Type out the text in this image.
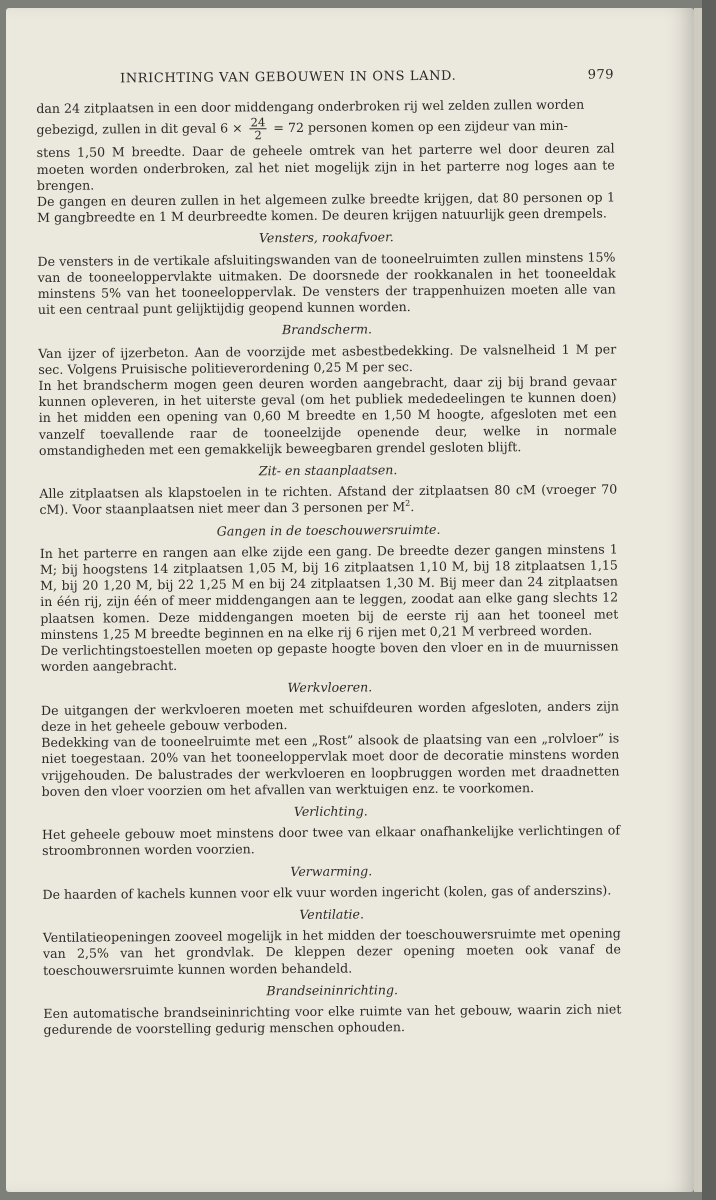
INRICHTING VAN GEBOUWEN IN ONS LAND.	979

dan 24 zitplaatsen in een door middengang onderbroken rij wel zelden zullen worden

gebezigd, zullen in dit geval $6 \times \frac{24}{2} = 72$ personen komen op een zijdeur van min-

stens 1,50 M breedte. Daar de geheele omtrek van het parterre wel door deuren zal moeten worden onderbroken, zal het niet mogelijk zijn in het parterre nog loges aan te brengen.

De gangen en deuren zullen in het algemeen zulke breedte krijgen, dat 80 personen op 1 M gangbreedte en 1 M deurbreedte komen. De deuren krijgen natuurlijk geen drempels.

Vensters, rookafvoer.

De vensters in de vertikale afsluitingswanden van de tooneelruimten zullen minstens 15% van de tooneeloppervlakte uitmaken. De doorsnede der rookkanalen in het tooneeldak minstens 5% van het tooneeloppervlak. De vensters der trappenhuizen moeten alle van uit een centraal punt gelijktijdig geopend kunnen worden.

Brandscherm.

Van ijzer of ijzerbeton. Aan de voorzijde met asbestbedekking. De valsnelheid 1 M per sec. Volgens Pruisische politieverordening 0,25 M per sec.

In het brandscherm mogen geen deuren worden aangebracht, daar zij bij brand gevaar kunnen opleveren, in het uiterste geval (om het publiek mededeelingen te kunnen doen) in het midden een opening van 0,60 M breedte en 1,50 M hoogte, afgesloten met een vanzelf toevallende raar de tooneelzijde openende deur, welke in normale omstandigheden met een gemakkelijk beweegbaren grendel gesloten blijft.

Zit- en staanplaatsen.

Alle zitplaatsen als klapstoelen in te richten. Afstand der zitplaatsen 80 cM (vroeger 70 cM). Voor staanplaatsen niet meer dan 3 personen per $M^2$.

Gangen in de toeschouwersruimte.

In het parterre en rangen aan elke zijde een gang. De breedte dezer gangen minstens 1 M; bij hoogstens 14 zitplaatsen 1,05 M, bij 16 zitplaatsen 1,10 M, bij 18 zitplaatsen 1,15 M, bij 20 1,20 M, bij 22 1,25 M en bij 24 zitplaatsen 1,30 M. Bij meer dan 24 zitplaatsen in één rij, zijn één of meer middengangen aan te leggen, zoodat aan elke gang slechts 12 plaatsen komen. Deze middengangen moeten bij de eerste rij aan het tooneel met minstens 1,25 M breedte beginnen en na elke rij 6 rijen met 0,21 M verbreed worden.

De verlichtingstoestellen moeten op gepaste hoogte boven den vloer en in de muurnissen worden aangebracht.

Werkvloeren.

De uitgangen der werkvloeren moeten met schuifdeuren worden afgesloten, anders zijn deze in het geheele gebouw verboden.

Bedekking van de tooneelruimte met een „Rost” alsook de plaatsing van een „rolvloer” is niet toegestaan. 20% van het tooneeloppervlak moet door de decoratie minstens worden vrijgehouden. De balustrades der werkvloeren en loopbruggen worden met draadnetten boven den vloer voorzien om het afvallen van werktuigen enz. te voorkomen.

Verlichting.

Het geheele gebouw moet minstens door twee van elkaar onafhankelijke verlichtingen of stroombronnen worden voorzien.

Verwarming.

De haarden of kachels kunnen voor elk vuur worden ingericht (kolen, gas of anderszins).

Ventilatie.

Ventilatieopeningen zooveel mogelijk in het midden der toeschouwersruimte met opening van 2,5% van het grondvlak. De kleppen dezer opening moeten ook vanaf de toeschouwersruimte kunnen worden behandeld.

Brandseininrichting.

Een automatische brandseininrichting voor elke ruimte van het gebouw, waarin zich niet gedurende de voorstelling gedurig menschen ophouden.
